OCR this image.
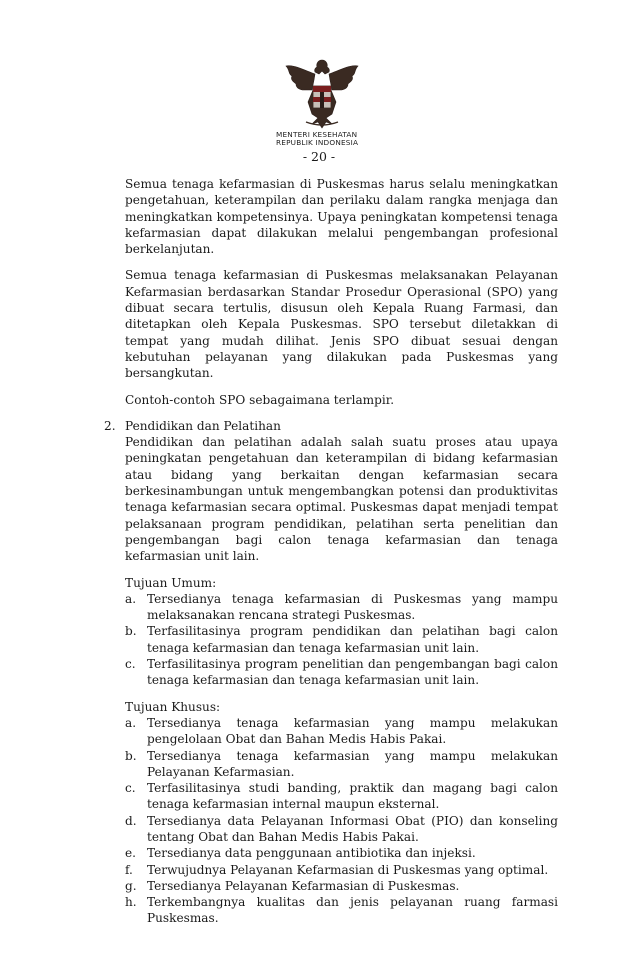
MENTERI KESEHATAN
REPUBLIK INDONESIA
- 20 -

Semua tenaga kefarmasian di Puskesmas harus selalu meningkatkan pengetahuan, keterampilan dan perilaku dalam rangka menjaga dan meningkatkan kompetensinya. Upaya peningkatan kompetensi tenaga kefarmasian dapat dilakukan melalui pengembangan profesional berkelanjutan.

Semua tenaga kefarmasian di Puskesmas melaksanakan Pelayanan Kefarmasian berdasarkan Standar Prosedur Operasional (SPO) yang dibuat secara tertulis, disusun oleh Kepala Ruang Farmasi, dan ditetapkan oleh Kepala Puskesmas. SPO tersebut diletakkan di tempat yang mudah dilihat. Jenis SPO dibuat sesuai dengan kebutuhan pelayanan yang dilakukan pada Puskesmas yang bersangkutan.

Contoh-contoh SPO sebagaimana terlampir.

2. Pendidikan dan Pelatihan

Pendidikan dan pelatihan adalah salah suatu proses atau upaya peningkatan pengetahuan dan keterampilan di bidang kefarmasian atau bidang yang berkaitan dengan kefarmasian secara berkesinambungan untuk mengembangkan potensi dan produktivitas tenaga kefarmasian secara optimal. Puskesmas dapat menjadi tempat pelaksanaan program pendidikan, pelatihan serta penelitian dan pengembangan bagi calon tenaga kefarmasian dan tenaga kefarmasian unit lain.

Tujuan Umum:
a. Tersedianya tenaga kefarmasian di Puskesmas yang mampu melaksanakan rencana strategi Puskesmas.
b. Terfasilitasinya program pendidikan dan pelatihan bagi calon tenaga kefarmasian dan tenaga kefarmasian unit lain.
c. Terfasilitasinya program penelitian dan pengembangan bagi calon tenaga kefarmasian dan tenaga kefarmasian unit lain.
Tujuan Khusus:
a. Tersedianya tenaga kefarmasian yang mampu melakukan pengelolaan Obat dan Bahan Medis Habis Pakai.
b. Tersedianya tenaga kefarmasian yang mampu melakukan Pelayanan Kefarmasian.
c. Terfasilitasinya studi banding, praktik dan magang bagi calon tenaga kefarmasian internal maupun eksternal.
d. Tersedianya data Pelayanan Informasi Obat (PIO) dan konseling tentang Obat dan Bahan Medis Habis Pakai.
e. Tersedianya data penggunaan antibiotika dan injeksi.
f.	Terwujudnya Pelayanan Kefarmasian di Puskesmas yang optimal.
g. Tersedianya Pelayanan Kefarmasian di Puskesmas.
h. Terkembangnya kualitas dan jenis pelayanan ruang farmasi Puskesmas.
